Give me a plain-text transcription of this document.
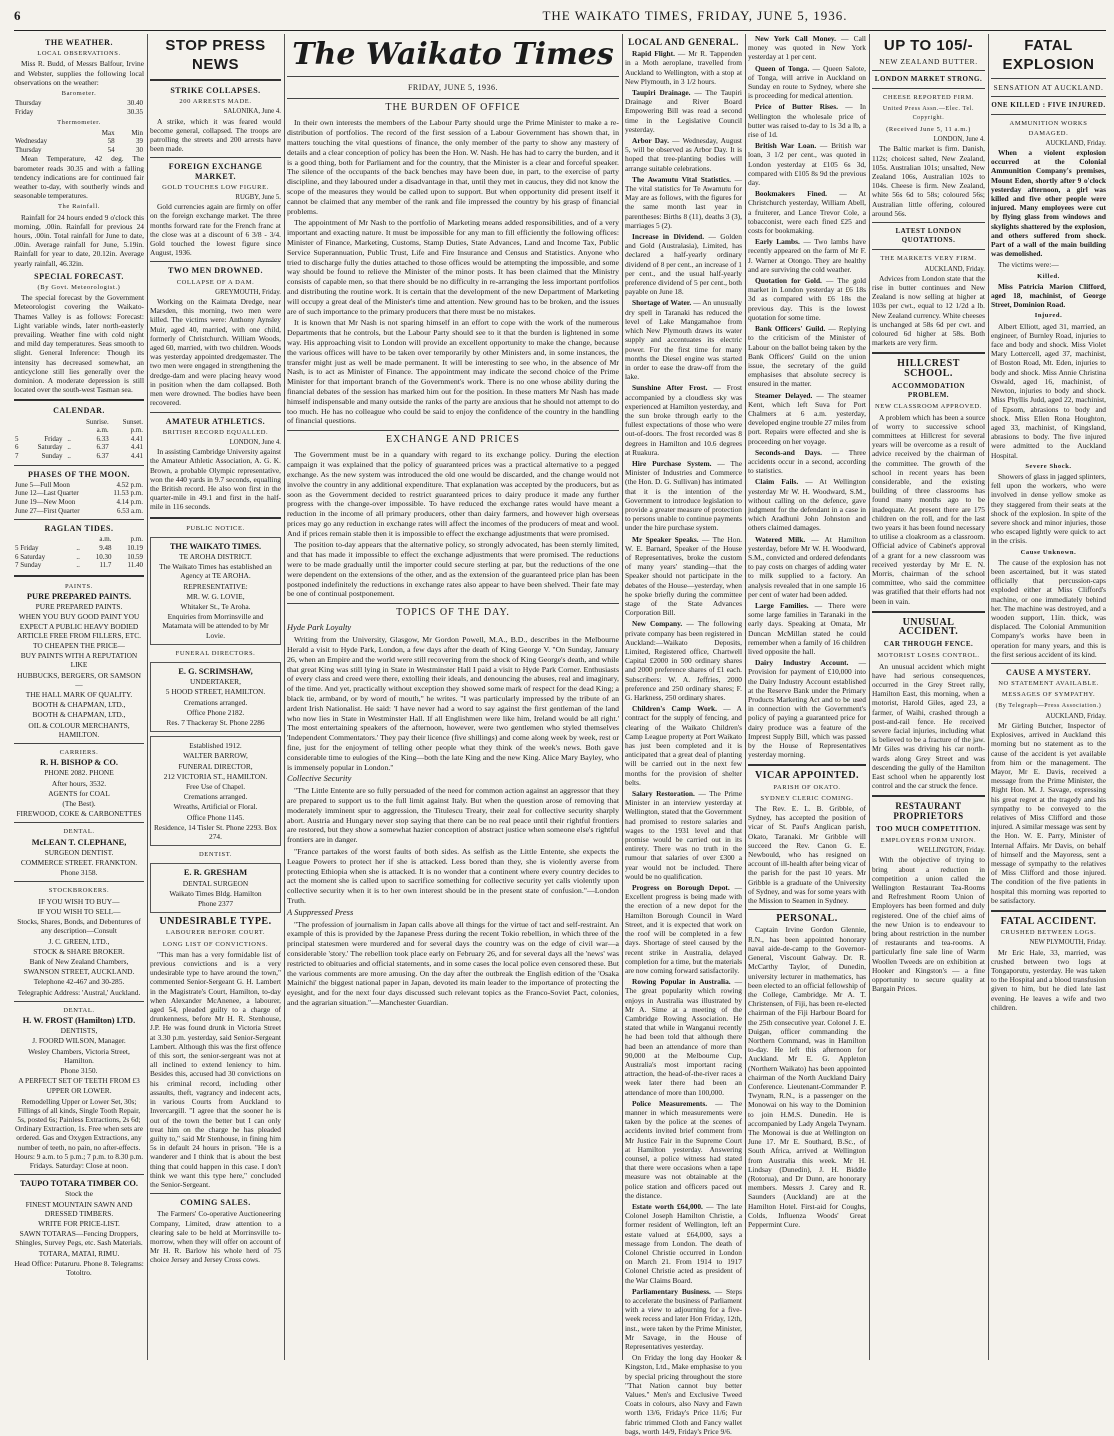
6	THE WAIKATO TIMES, FRIDAY, JUNE 5, 1936.
THE WEATHER.
LOCAL OBSERVATIONS.

Miss R. Budd, of Messrs Balfour, Irvine and Webster, supplies the following local observations on the weather:

Barometer.
Thursday	30.40
Friday	30.35
Thermometer.
	Max	Min
Wednesday	58	39
Thursday	54	30

Mean Temperature, 42 deg. The barometer reads 30.35 and with a falling tendency indications are for continued fair weather to-day, with southerly winds and seasonable temperatures.

The Rainfall.

Rainfall for 24 hours ended 9 o'clock this morning, .00in. Rainfall for previous 24 hours, .00in. Total rainfall for June to date, .00in. Average rainfall for June, 5.19in. Rainfall for year to date, 20.12in. Average yearly rainfall, 46.32in.

SPECIAL FORECAST.
(By Govt. Meteorologist.)

The special forecast by the Government Meteorologist covering the Waikato-Thames Valley is as follows: Forecast: Light variable winds, later north-easterly prevailing. Weather fine with cold night and mild day temperatures. Seas smooth to slight. General Inference: Though its intensity has decreased somewhat, an anticyclone still lies generally over the dominion. A moderate depression is still located over the south-west Tasman sea.

CALENDAR.
			Sunrise.	Sunset.
			a.m.	p.m.
5	Friday	..	6.33	4.41
6	Saturday	..	6.37	4.41
7	Sunday	..	6.37	4.41
PHASES OF THE MOON.
June 5—Full Moon	4.52 p.m.
June 12—Last Quarter	11.53 p.m.
June 19—New Moon	4.14 p.m.
June 27—First Quarter	6.53 a.m.
RAGLAN TIDES.
		a.m.	p.m.
5 Friday	..	9.48	10.19
6 Saturday	..	10.30	10.59
7 Sunday	..	11.7	11.40
PAINTS.
PURE PREPARED PAINTS.
PURE PREPARED PAINTS.
WHEN YOU BUY GOOD PAINT YOU EXPECT A PUBLIC HEAVY BODIED ARTICLE FREE FROM FILLERS, ETC.
TO CHEAPEN THE PRICE—
BUY PAINTS WITH A REPUTATION LIKE
HUBBUCKS, BERGERS, OR SAMSON—
THE HALL MARK OF QUALITY.
BOOTH & CHAPMAN, LTD.,
BOOTH & CHAPMAN, LTD.,
OIL & COLOUR MERCHANTS, HAMILTON.
CARRIERS.
R. H. BISHOP & CO.
PHONE 2082. PHONE
After hours, 3532.
AGENTS for COAL
(The Best).
FIREWOOD, COKE & CARBONETTES
DENTAL.
McLEAN T. CLEPHANE,
SURGEON DENTIST.
COMMERCE STREET. FRANKTON.
Phone 3158.
STOCKBROKERS.
IF YOU WISH TO BUY—
IF YOU WISH TO SELL—
Stocks, Shares, Bonds, and Debentures of any description—Consult
J. C. GREEN, LTD.,
STOCK & SHARE BROKER.
Bank of New Zealand Chambers,
SWANSON STREET, AUCKLAND.
Telephone 42-467 and 30-285.
Telegraphic Address: 'Austral,' Auckland.
DENTAL.
H. W. FROST (Hamilton) LTD.
DENTISTS,
J. FOORD WILSON, Manager.
Wesley Chambers, Victoria Street, Hamilton.
Phone 3150.
A PERFECT SET OF TEETH FROM £3
UPPER OR LOWER.
Remodelling Upper or Lower Set, 30s; Fillings of all kinds, Single Tooth Repair, 5s, posted 6s; Painless Extractions, 2s 6d; Ordinary Extraction, 1s. Free when sets are ordered. Gas and Oxygen Extractions, any number of teeth, no pain, no after-effects. Hours: 9 a.m. to 5 p.m.; 7 p.m. to 8.30 p.m. Fridays. Saturday: Close at noon.
TAUPO TOTARA TIMBER CO.
Stock the
FINEST MOUNTAIN SAWN AND DRESSED TIMBERS.
WRITE FOR PRICE-LIST.
SAWN TOTARAS—Fencing Droppers, Shingles, Survey Pegs, etc. Sash Materials.
TOTARA, MATAI, RIMU.
Head Office: Putaruru. Phone 8. Telegrams: Totoltro.
STOP PRESS NEWS
STRIKE COLLAPSES.
200 ARRESTS MADE.
SALONIKA, June 4.

A strike, which it was feared would become general, collapsed. The troops are patrolling the streets and 200 arrests have been made.

FOREIGN EXCHANGE MARKET.
GOLD TOUCHES LOW FIGURE.
RUGBY, June 5.

Gold currencies again are firmly on offer on the foreign exchange market. The three months forward rate for the French franc at the close was at a discount of 6 3/8 - 3/4. Gold touched the lowest figure since August, 1936.

TWO MEN DROWNED.
COLLAPSE OF A DAM.
GREYMOUTH, Friday.

Working on the Kaimata Dredge, near Marsden, this morning, two men were killed. The victims were: Anthony Aynsley Muir, aged 40, married, with one child, formerly of Christchurch. William Woods, aged 60, married, with two children. Woods was yesterday appointed dredgemaster. The two men were engaged in strengthening the dredge-dam and were placing heavy wood in position when the dam collapsed. Both men were drowned. The bodies have been recovered.

AMATEUR ATHLETICS.
BRITISH RECORD EQUALLED.
LONDON, June 4.

In assisting Cambridge University against the Amateur Athletic Association, A. G. K. Brown, a probable Olympic representative, won the 440 yards in 9.7 seconds, equalling the British record. He also won first in the quarter-mile in 49.1 and first in the half-mile in 116 seconds.

PUBLIC NOTICE.
THE WAIKATO TIMES.
TE AROHA DISTRICT.
The Waikato Times has established an Agency at TE AROHA.
REPRESENTATIVE:
MR. W. G. LOVIE,
Whitaker St., Te Aroha.
Enquiries from Morrinsville and Matamata will be attended to by Mr Lovie.
FUNERAL DIRECTORS.
E. G. SCRIMSHAW,
UNDERTAKER,
5 HOOD STREET, HAMILTON.
Cremations arranged.
Office Phone 2182.
Res. 7 Thackeray St. Phone 2286
Established 1912.
WALTER BARROW,
FUNERAL DIRECTOR,
212 VICTORIA ST., HAMILTON.
Free Use of Chapel.
Cremations arranged.
Wreaths, Artificial or Floral.
Office Phone 1145.
Residence, 14 Tisler St. Phone 2293. Box 274.
DENTIST.
E. R. GRESHAM
DENTAL SURGEON
Waikato Times Bldg. Hamilton
Phone 2377
UNDESIRABLE TYPE.
LABOURER BEFORE COURT.
LONG LIST OF CONVICTIONS.

"This man has a very formidable list of previous convictions and is a very undesirable type to have around the town," commented Senior-Sergeant G. H. Lambert in the Magistrate's Court, Hamilton, to-day when Alexander McAnenee, a labourer, aged 54, pleaded guilty to a charge of drunkenness, before Mr H. R. Stenhouse, J.P. He was found drunk in Victoria Street at 3.30 p.m. yesterday, said Senior-Sergeant Lambert. Although this was the first offence of this sort, the senior-sergeant was not at all inclined to extend leniency to him. Besides this, accused had 30 convictions on his criminal record, including other assaults, theft, vagrancy and indecent acts, in various Courts from Auckland to Invercargill. "I agree that the sooner he is out of the town the better but I can only treat him on the charge he has pleaded guilty to," said Mr Stenhouse, in fining him 5s in default 24 hours in prison. "He is a wanderer and I think that is about the best thing that could happen in this case. I don't think we want this type here," concluded the Senior-Sergeant.

COMING SALES.

The Farmers' Co-operative Auctioneering Company, Limited, draw attention to a clearing sale to be held at Morrinsville to-morrow, when they will offer on account of Mr H. R. Barlow his whole herd of 75 choice Jersey and Jersey Cross cows.

The Waikato Times
FRIDAY, JUNE 5, 1936.
THE BURDEN OF OFFICE

In their own interests the members of the Labour Party should urge the Prime Minister to make a re-distribution of portfolios. The record of the first session of a Labour Government has shown that, in matters touching the vital questions of finance, the only member of the party to show any mastery of details and a clear conception of policy has been the Hon. W. Nash. He has had to carry the burden, and it is a good thing, both for Parliament and for the country, that the Minister is a clear and forceful speaker. The silence of the occupants of the back benches may have been due, in part, to the exercise of party discipline, and they laboured under a disadvantage in that, until they met in caucus, they did not know the scope of the measures they would be called upon to support. But when opportunity did present itself it cannot be claimed that any member of the rank and file impressed the country by his grasp of financial problems.

The appointment of Mr Nash to the portfolio of Marketing means added responsibilities, and of a very important and exacting nature. It must be impossible for any man to fill efficiently the following offices: Minister of Finance, Marketing, Customs, Stamp Duties, State Advances, Land and Income Tax, Public Service Superannuation, Public Trust, Life and Fire Insurance and Census and Statistics. Anyone who tried to discharge fully the duties attached to those offices would be attempting the impossible, and some way should be found to relieve the Minister of the minor posts. It has been claimed that the Ministry consists of capable men, so that there should be no difficulty in re-arranging the less important portfolios and distributing the routine work. It is certain that the development of the new Department of Marketing will occupy a great deal of the Minister's time and attention. New ground has to be broken, and the issues are of such importance to the primary producers that there must be no mistakes.

It is known that Mr Nash is not sparing himself in an effort to cope with the work of the numerous Departments that he controls, but the Labour Party should see to it that the burden is lightened in some way. His approaching visit to London will provide an excellent opportunity to make the change, because the various offices will have to be taken over temporarily by other Ministers and, in some instances, the transfer might just as well be made permanent. It will be interesting to see who, in the absence of Mr Nash, is to act as Minister of Finance. The appointment may indicate the second choice of the Prime Minister for that important branch of the Government's work. There is no one whose ability during the financial debates of the session has marked him out for the position. In these matters Mr Nash has made himself indispensable and many outside the ranks of the party are anxious that he should not attempt to do too much. He has no colleague who could be said to enjoy the confidence of the country in the handling of financial questions.

EXCHANGE AND PRICES

The Government must be in a quandary with regard to its exchange policy. During the election campaign it was explained that the policy of guaranteed prices was a practical alternative to a pegged exchange. As the new system was introduced the old one would be discarded, and the change would not involve the country in any additional expenditure. That explanation was accepted by the producers, but as soon as the Government decided to restrict guaranteed prices to dairy produce it made any further progress with the change-over impossible. To have reduced the exchange rates would have meant a reduction in the income of all primary producers, other than dairy farmers, and however high overseas prices may go any reduction in exchange rates will affect the incomes of the producers of meat and wool. And if prices remain stable then it is impossible to effect the exchange adjustments that were promised.

The position to-day appears that the alternative policy, so strongly advocated, has been sternly limited, and that has made it impossible to effect the exchange adjustments that were promised. The reductions were to be made gradually until the importer could secure sterling at par, but the reductions of the one were dependent on the extensions of the other, and as the extension of the guaranteed price plan has been postponed indefinitely the reductions in exchange rates also appear to have been shelved. Their fate may be one of continual postponement.

TOPICS OF THE DAY.
Hyde Park Loyalty

Writing from the University, Glasgow, Mr Gordon Powell, M.A., B.D., describes in the Melbourne Herald a visit to Hyde Park, London, a few days after the death of King George V. "On Sunday, January 26, when an Empire and the world were still recovering from the shock of King George's death, and while that great King was still lying in State in Westminster Hall I paid a visit to Hyde Park Corner. Enthusiasts of every class and creed were there, extolling their ideals, and denouncing the abuses, real and imaginary, of the time. And yet, practically without exception they showed some mark of respect for the dead King; a black tie, armband, or by word of mouth," he writes. "I was particularly impressed by the tribute of an ardent Irish Nationalist. He said: 'I have never had a word to say against the first gentleman of the land who now lies in State in Westminster Hall. If all Englishmen were like him, Ireland would be all right.' The most entertaining speakers of the afternoon, however, were two gentlemen who styled themselves 'Independent Commentators.' They pay their licence (five shillings) and come along week by week, rest or fine, just for the enjoyment of telling other people what they think of the week's news. Both gave considerable time to eulogies of the King—both the late King and the new King. Alice Mary Bayley, who is immensely popular in London."

Collective Security

"The Little Entente are so fully persuaded of the need for common action against an aggressor that they are prepared to support us to the full limit against Italy. But when the question arose of removing that moderately imminent spur to aggression, the Titulescu Treaty, their zeal for collective security sharply abort. Austria and Hungary never stop saying that there can be no real peace until their rightful frontiers are restored, but they show a somewhat hazier conception of abstract justice when someone else's rightful frontiers are in danger.

"France partakes of the worst faults of both sides. As selfish as the Little Entente, she expects the League Powers to protect her if she is attacked. Less bored than they, she is violently averse from protecting Ethiopia when she is attacked. It is no wonder that a continent where every country decides to act the moment she is called upon to sacrifice something for collective security yet calls violently upon collective security when it is to her own interest should be in the present state of confusion."—London Truth.

A Suppressed Press

"The profession of journalism in Japan calls above all things for the virtue of tact and self-restraint. An example of this is provided by the Japanese Press during the recent Tokio rebellion, in which three of the principal statesmen were murdered and for several days the country was on the edge of civil war—a considerable 'story.' The rebellion took place early on February 26, and for several days all the 'news' was restricted to obituaries and official statements, and in some cases the local police even censored these. But the various comments are more amusing. On the day after the outbreak the English edition of the 'Osaka Mainichi' the biggest national paper in Japan, devoted its main leader to the importance of protecting the eyesight, and for the next four days discussed such relevant topics as the Franco-Soviet Pact, colonies, and the agrarian situation."—Manchester Guardian.

LOCAL AND GENERAL.

Rapid Flight. — Mr R. Tappenden in a Moth aeroplane, travelled from Auckland to Wellington, with a stop at New Plymouth, in 3 1/2 hours.

Taupiri Drainage. — The Taupiri Drainage and River Board Empowering Bill was read a second time in the Legislative Council yesterday.

Arbor Day. — Wednesday, August 5, will be observed as Arbor Day. It is hoped that tree-planting bodies will arrange suitable celebrations.

The Awamutu Vital Statistics. — The vital statistics for Te Awamutu for May are as follows, with the figures for the same month last year in parentheses: Births 8 (11), deaths 3 (3), marriages 5 (2).

Increase in Dividend. — Golden and Gold (Australasia), Limited, has declared a half-yearly ordinary dividend of 8 per cent., an increase of 1 per cent., and the usual half-yearly preference dividend of 5 per cent., both payable on June 18.

Shortage of Water. — An unusually dry spell in Taranaki has reduced the level of Lake Mangamahoe from which New Plymouth draws its water supply and accentuates its electric power. For the first time for many months the Diesel engine was started in order to ease the draw-off from the lake.

Sunshine After Frost. — Frost accompanied by a cloudless sky was experienced at Hamilton yesterday, and the sun broke through early to the fullest expectations of those who were out-of-doors. The frost recorded was 8 degrees in Hamilton and 10.6 degrees at Ruakura.

Hire Purchase System. — The Minister of Industries and Commerce (the Hon. D. G. Sullivan) has intimated that it is the intention of the Government to introduce legislation to provide a greater measure of protection to persons unable to continue payments under the hire purchase system.

Mr Speaker Speaks. — The Hon. W. E. Barnard, Speaker of the House of Representatives, broke the custom of many years' standing—that the Speaker should not participate in the debates of the House—yesterday, when he spoke briefly during the committee stage of the State Advances Corporation Bill.

New Company. — The following private company has been registered in Auckland:—Waikato Deposits, Limited, Registered office, Chartwell Capital £2000 in 500 ordinary shares and 2000 preference shares of £1 each. Subscribers: W. A. Jeffries, 2000 preference and 250 ordinary shares; F. G. Harkness, 250 ordinary shares.

Children's Camp Work. — A contract for the supply of fencing, and clearing of the Waikato Children's Camp League property at Port Waikato has just been completed and it is anticipated that a great deal of planting will be carried out in the next few months for the provision of shelter belts.

Salary Restoration. — The Prime Minister in an interview yesterday at Wellington, stated that the Government had promised to restore salaries and wages to the 1931 level and that promise would be carried out in its entirety. There was no truth in the rumour that salaries of over £300 a year would not be included. There would be no qualification.

Progress on Borough Depot. — Excellent progress is being made with the erection of a new depot for the Hamilton Borough Council in Ward Street, and it is expected that work on the roof will be completed in a few days. Shortage of steel caused by the recent strike in Australia, delayed completion for a time, but the materials are now coming forward satisfactorily.

Rowing Popular in Australia. — The great popularity which rowing enjoys in Australia was illustrated by Mr A. Sime at a meeting of the Cambridge Rowing Association. He stated that while in Wanganui recently he had been told that although there had been an attendance of more than 90,000 at the Melbourne Cup, Australia's most important racing attraction, the head-of-the-river races a week later there had been an attendance of more than 100,000.

Police Measurements. — The manner in which measurements were taken by the police at the scenes of accidents invited brief comment from Mr Justice Fair in the Supreme Court at Hamilton yesterday. Answering counsel, a police witness had stated that there were occasions when a tape measure was not obtainable at the police station and officers paced out the distance.

Estate worth £64,000. — The late Colonel Joseph Hamilton Christie, a former resident of Wellington, left an estate valued at £64,000, says a message from London. The death of Colonel Christie occurred in London on March 21. From 1914 to 1917 Colonel Christie acted as president of the War Claims Board.

Parliamentary Business. — Steps to accelerate the business of Parliament with a view to adjourning for a five-week recess and later Hon Friday, 12th, inst., were taken by the Prime Minister, Mr Savage, in the House of Representatives yesterday.

On Friday the long day Hooker & Kingston, Ltd., Make emphasise to you by special pricing throughout the store "That Nation cannot buy better Values." Men's and Exclusive Tweed Coats in colours, also Navy and Fawn worth 13/6, Friday's Price 11/6; Fur fabric trimmed Cloth and Fancy wallet bags, worth 14/9, Friday's Price 9/6.

UP TO 105/-
NEW ZEALAND BUTTER.
LONDON MARKET STRONG.
CHEESE REPORTED FIRM.
United Press Assn.—Elec. Tel. Copyright.
(Received June 5, 11 a.m.)
LONDON, June 4.

The Baltic market is firm. Danish, 112s; choicest salted, New Zealand, 105s. Australian 101s; unsalted, New Zealand 106s, Australian 102s to 104s. Cheese is firm. New Zealand, white 56s 6d to 58s; coloured 56s; Australian little offering, coloured around 56s.

LATEST LONDON QUOTATIONS.
THE MARKETS VERY FIRM.
AUCKLAND, Friday.

Advices from London state that the rise in butter continues and New Zealand is now selling at higher at 103s per cwt., equal to 12 1/2d a lb. New Zealand currency. White cheeses is unchanged at 58s 6d per cwt. and coloured 6d higher at 58s. Both markets are very firm.

HILLCREST SCHOOL.
ACCOMMODATION PROBLEM.
NEW CLASSROOM APPROVED.

A problem which has been a source of worry to successive school committees at Hillcrest for several years will be overcome as a result of advice received by the chairman of the committee. The growth of the school in recent years has been considerable, and the existing building of three classrooms has found many months ago to be inadequate. At present there are 175 children on the roll, and for the last two years it has been found necessary to utilise a cloakroom as a classroom. Official advice of Cabinet's approval of a grant for a new classroom was received yesterday by Mr E. N. Morris, chairman of the school committee, who said the committee was gratified that their efforts had not been in vain.

UNUSUAL ACCIDENT.
CAR THROUGH FENCE.
MOTORIST LOSES CONTROL.

An unusual accident which might have had serious consequences, occurred in the Grey Street rally, Hamilton East, this morning, when a motorist, Harold Giles, aged 23, a farmer, of Waihi, crashed through a post-and-rail fence. He received severe facial injuries, including what is believed to be a fracture of the jaw. Mr Giles was driving his car north-wards along Grey Street and was descending the gully of the Hamilton East school when he apparently lost control and the car struck the fence.

RESTAURANT PROPRIETORS
TOO MUCH COMPETITION.
EMPLOYERS FORM UNION.
WELLINGTON, Friday.

With the objective of trying to bring about a reduction in competition a union called the Wellington Restaurant Tea-Rooms and Refreshment Room Union of Employers has been formed and duly registered. One of the chief aims of the new Union is to endeavour to bring about restriction in the number of restaurants and tea-rooms. A particularly fine sale line of Warm Woollen Tweeds are on exhibition at Hooker and Kingston's — a fine opportunity to secure quality at Bargain Prices.

FATAL EXPLOSION
SENSATION AT AUCKLAND.
ONE KILLED : FIVE INJURED.
AMMUNITION WORKS DAMAGED.
AUCKLAND, Friday.

When a violent explosion occurred at the Colonial Ammunition Company's premises, Mount Eden, shortly after 9 o'clock yesterday afternoon, a girl was killed and five other people were injured. Many employees were cut by flying glass from windows and skylights shattered by the explosion, and others suffered from shock. Part of a wall of the main building was demolished.

The victims were:—

Killed.

Miss Patricia Marion Clifford, aged 18, machinist, of George Street, Dominion Road.

Injured.

Albert Elliott, aged 31, married, an engineer, of Burnley Road, injuries to face and body and shock. Miss Violet Mary Lottercell, aged 37, machinist, of Boston Road, Mt. Eden, injuries to body and shock. Miss Annie Christina Oswald, aged 16, machinist, of Newton, injuries to body and shock. Miss Phyllis Judd, aged 22, machinist, of Epsom, abrasions to body and shock. Miss Ellen Rona Houghton, aged 33, machinist, of Kingsland, abrasions to body. The five injured were admitted to the Auckland Hospital.

Severe Shock.

Showers of glass in jagged splinters, fell upon the workers, who were involved in dense yellow smoke as they staggered from their seats at the shock of the explosion. In spite of the severe shock and minor injuries, those who escaped lightly were quick to act in the crisis.

Cause Unknown.

The cause of the explosion has not been ascertained, but it was stated officially that percussion-caps exploded either at Miss Clifford's machine, or one immediately behind her. The machine was destroyed, and a wooden support, 11in. thick, was displaced. The Colonial Ammunition Company's works have been in operation for many years, and this is the first serious accident of its kind.

CAUSE A MYSTERY.
NO STATEMENT AVAILABLE.
MESSAGES OF SYMPATHY.
(By Telegraph—Press Association.)
AUCKLAND, Friday.

Mr Girling Butcher, Inspector of Explosives, arrived in Auckland this morning but no statement as to the cause of the accident is yet available from him or the management. The Mayor, Mr E. Davis, received a message from the Prime Minister, the Right Hon. M. J. Savage, expressing his great regret at the tragedy and his sympathy to be conveyed to the relatives of Miss Clifford and those injured. A similar message was sent by the Hon. W. E. Parry, Minister of Internal Affairs. Mr Davis, on behalf of himself and the Mayoress, sent a message of sympathy to the relatives of Miss Clifford and those injured. The condition of the five patients in hospital this morning was reported to be satisfactory.

FATAL ACCIDENT.
CRUSHED BETWEEN LOGS.
NEW PLYMOUTH, Friday.

Mr Eric Hale, 33, married, was crushed between two logs at Tongaporutu, yesterday. He was taken to the Hospital and a blood transfusion given to him, but he died late last evening. He leaves a wife and two children.

New York Call Money. — Call money was quoted in New York yesterday at 1 per cent.

Queen of Tonga. — Queen Salote, of Tonga, will arrive in Auckland on Sunday en route to Sydney, where she is proceeding for medical attention.

Price of Butter Rises. — In Wellington the wholesale price of butter was raised to-day to 1s 3d a lb, a rise of 1d.

British War Loan. — British war loan, 3 1/2 per cent., was quoted in London yesterday at £105 6s 3d, compared with £105 8s 9d the previous day.

Bookmakers Fined. — At Christchurch yesterday, William Abell, a fruiterer, and Lance Trevor Cole, a tobacconist, were each fined £25 and costs for bookmaking.

Early Lambs. — Two lambs have recently appeared on the farm of Mr F. J. Warner at Otongo. They are healthy and are surviving the cold weather.

Quotation for Gold. — The gold market in London yesterday at £6 18s 3d as compared with £6 18s the previous day. This is the lowest quotation for some time.

Bank Officers' Guild. — Replying to the criticism of the Minister of Labour on the ballot being taken by the Bank Officers' Guild on the union issue, the secretary of the guild emphasises that absolute secrecy is ensured in the matter.

Steamer Delayed. — The steamer Kent, which left Suva for Port Chalmers at 6 a.m. yesterday, developed engine trouble 27 miles from port. Repairs were effected and she is proceeding on her voyage.

Seconds-and Days. — Three accidents occur in a second, according to statistics.

Claim Fails. — At Wellington yesterday Mr W. H. Woodward, S.M., without calling on the defence, gave judgment for the defendant in a case in which Aradhuni John Johnston and others claimed damages.

Watered Milk. — At Hamilton yesterday, before Mr W. H. Woodward, S.M., convicted and ordered defendants to pay costs on charges of adding water to milk supplied to a factory. An analysis revealed that in one sample 16 per cent of water had been added.

Large Families. — There were some large families in Taranaki in the early days. Speaking at Omata, Mr Duncan McMillan stated he could remember when a family of 16 children lived opposite the hall.

Dairy Industry Account. — Provision for payment of £10,000 into the Dairy Industry Account established at the Reserve Bank under the Primary Products Marketing Act and to be used in connection with the Government's policy of paying a guaranteed price for dairy produce was a feature of the Imprest Supply Bill, which was passed by the House of Representatives yesterday morning.

VICAR APPOINTED.
PARISH OF OKATO.
SYDNEY CLERIC COMING.

The Rev. E. L. B. Gribble, of Sydney, has accepted the position of vicar of St. Paul's Anglican parish, Okato, Taranaki. Mr Gribble will succeed the Rev. Canon G. E. Newbould, who has resigned on account of ill-health after being vicar of the parish for the past 10 years. Mr Gribble is a graduate of the University of Sydney, and was for some years with the Mission to Seamen in Sydney.

PERSONAL.

Captain Irvine Gordon Glennie, R.N., has been appointed honorary naval aide-de-camp to the Governor-General, Viscount Galway. Dr. R. McCarthy Taylor, of Dunedin, university lecturer in mathematics, has been elected to an official fellowship of the College, Cambridge. Mr A. T. Christensen, of Fiji, has been re-elected chairman of the Fiji Harbour Board for the 25th consecutive year. Colonel J. E. Duigan, officer commanding the Northern Command, was in Hamilton to-day. He left this afternoon for Auckland. Mr E. G. Appleton (Northern Waikato) has been appointed chairman of the North Auckland Dairy Conference. Lieutenant-Commander P. Twynam, R.N., is a passenger on the Monowai on his way to the Dominion to join H.M.S. Dunedin. He is accompanied by Lady Angela Twynam. The Monowai is due at Wellington on June 17. Mr E. Southard, B.Sc., of South Africa, arrived at Wellington from Australia this week. Mr H. Lindsay (Dunedin), J. H. Biddle (Rotorua), and Dr Dunn, are honorary members. Messrs J. Carey and R. Saunders (Auckland) are at the Hamilton Hotel. First-aid for Coughs, Colds, Influenza Woods' Great Peppermint Cure.
